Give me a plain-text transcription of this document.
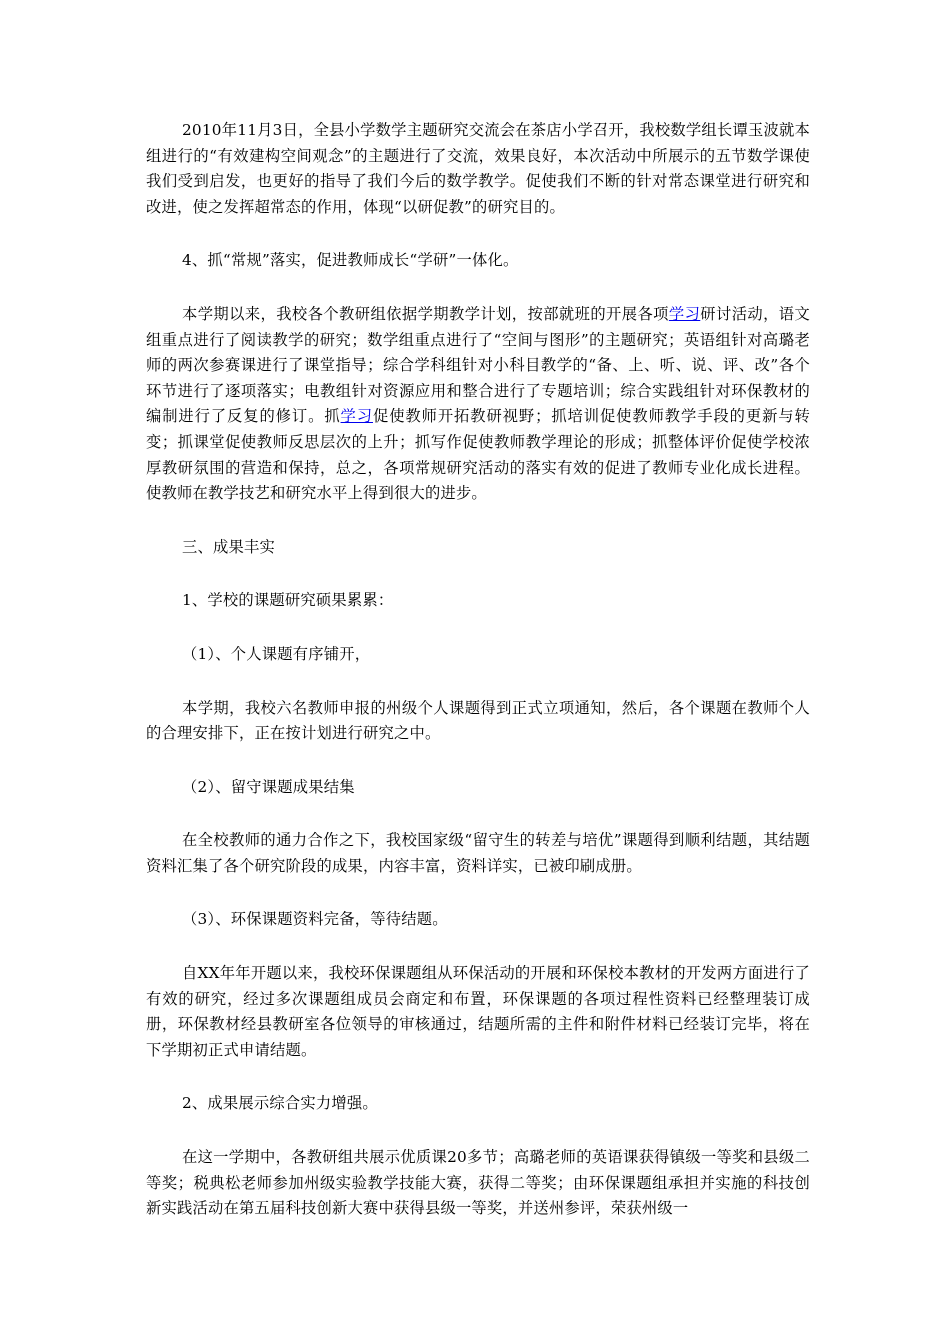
2010年11月3日，全县小学数学主题研究交流会在茶店小学召开，我校数学组长谭玉波就本组进行的“有效建构空间观念”的主题进行了交流，效果良好，本次活动中所展示的五节数学课使我们受到启发，也更好的指导了我们今后的数学教学。促使我们不断的针对常态课堂进行研究和改进，使之发挥超常态的作用，体现“以研促教”的研究目的。

4、抓“常规”落实，促进教师成长“学研”一体化。

本学期以来，我校各个教研组依据学期教学计划，按部就班的开展各项学习研讨活动，语文组重点进行了阅读教学的研究；数学组重点进行了“空间与图形”的主题研究；英语组针对高璐老师的两次参赛课进行了课堂指导；综合学科组针对小科目教学的“备、上、听、说、评、改”各个环节进行了逐项落实；电教组针对资源应用和整合进行了专题培训；综合实践组针对环保教材的编制进行了反复的修订。抓学习促使教师开拓教研视野；抓培训促使教师教学手段的更新与转变；抓课堂促使教师反思层次的上升；抓写作促使教师教学理论的形成；抓整体评价促使学校浓厚教研氛围的营造和保持，总之，各项常规研究活动的落实有效的促进了教师专业化成长进程。使教师在教学技艺和研究水平上得到很大的进步。

三、成果丰实

1、学校的课题研究硕果累累：

（1）、个人课题有序铺开，

本学期，我校六名教师申报的州级个人课题得到正式立项通知，然后，各个课题在教师个人的合理安排下，正在按计划进行研究之中。

（2）、留守课题成果结集

在全校教师的通力合作之下，我校国家级“留守生的转差与培优”课题得到顺利结题，其结题资料汇集了各个研究阶段的成果，内容丰富，资料详实，已被印刷成册。

（3）、环保课题资料完备，等待结题。

自XX年年开题以来，我校环保课题组从环保活动的开展和环保校本教材的开发两方面进行了有效的研究，经过多次课题组成员会商定和布置，环保课题的各项过程性资料已经整理装订成册，环保教材经县教研室各位领导的审核通过，结题所需的主件和附件材料已经装订完毕，将在下学期初正式申请结题。

2、成果展示综合实力增强。

在这一学期中，各教研组共展示优质课20多节；高璐老师的英语课获得镇级一等奖和县级二等奖；税典松老师参加州级实验教学技能大赛，获得二等奖；由环保课题组承担并实施的科技创新实践活动在第五届科技创新大赛中获得县级一等奖，并送州参评，荣获州级一
